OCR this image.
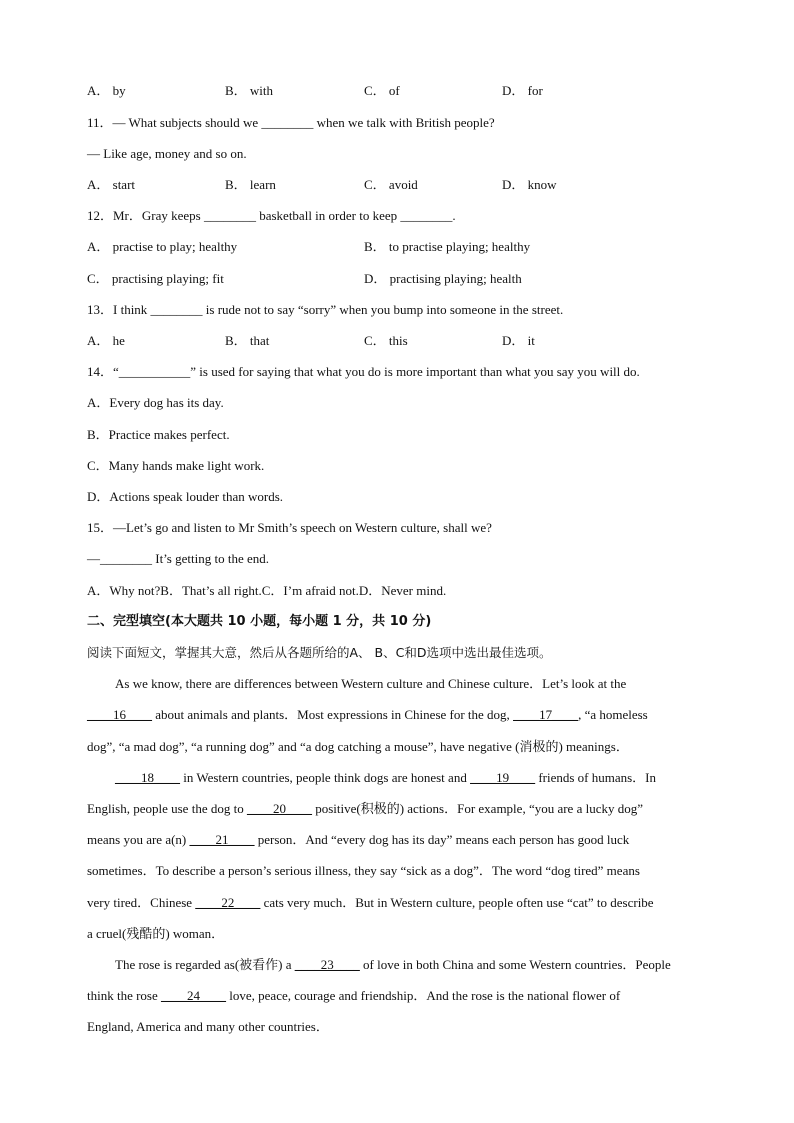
A． by	B． with	C． of	D． for
11．— What subjects should we ________ when we talk with British people?
— Like age, money and so on.
A． start	B． learn	C． avoid	D． know
12．Mr．Gray keeps ________ basketball in order to keep ________.
A． practise to play; healthy	B． to practise playing; healthy
C． practising playing; fit	D． practising playing; health
13．I think ________ is rude not to say “sorry” when you bump into someone in the street.
A． he	B． that	C． this	D． it
14．“___________” is used for saying that what you do is more important than what you say you will do.
A．Every dog has its day.
B．Practice makes perfect.
C．Many hands make light work.
D．Actions speak louder than words.
15．—Let’s go and listen to Mr Smith’s speech on Western culture, shall we?
—________ It’s getting to the end.
A．Why not?B．That’s all right.C．I’m afraid not.D．Never mind.
二、完型填空(本大题共 10 小题，每小题 1 分，共 10 分)
阅读下面短文，掌握其大意，然后从各题所给的A、 B、C和D选项中选出最佳选项。
As we know, there are differences between Western culture and Chinese culture．Let’s look at the
____16____ about animals and plants．Most expressions in Chinese for the dog, ____17____, “a homeless
dog”, “a mad dog”, “a running dog” and “a dog catching a mouse”, have negative (消极的) meanings．
____18____ in Western countries, people think dogs are honest and ____19____ friends of humans．In
English, people use the dog to ____20____ positive(积极的) actions．For example, “you are a lucky dog”
means you are a(n) ____21____ person．And “every dog has its day” means each person has good luck
sometimes．To describe a person’s serious illness, they say “sick as a dog”．The word “dog tired” means
very tired．Chinese ____22____ cats very much．But in Western culture, people often use “cat” to describe
a cruel(残酷的) woman．
The rose is regarded as(被看作) a ____23____ of love in both China and some Western countries．People
think the rose ____24____ love, peace, courage and friendship．And the rose is the national flower of
England, America and many other countries．
